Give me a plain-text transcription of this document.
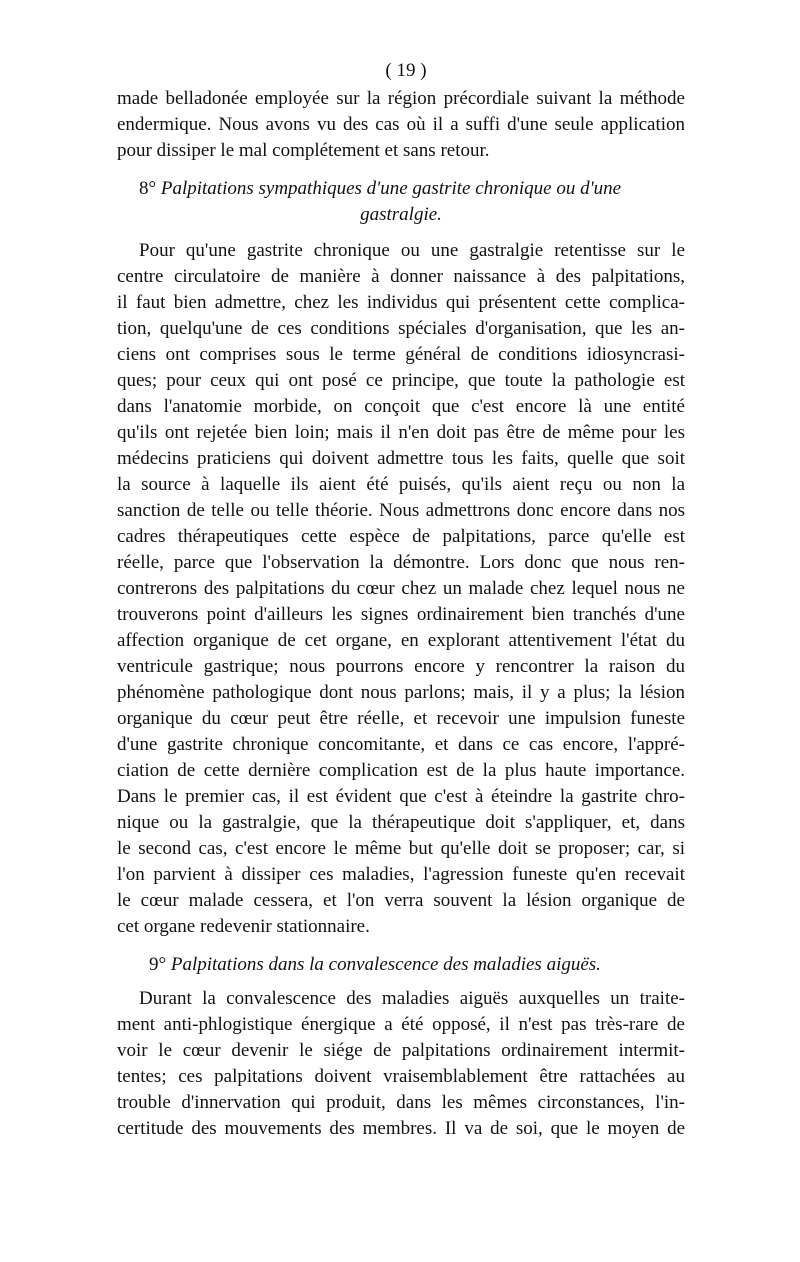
( 19 )
made belladonée employée sur la région précordiale suivant la méthode
endermique. Nous avons vu des cas où il a suffi d'une seule application
pour dissiper le mal complétement et sans retour.
8° Palpitations sympathiques d'une gastrite chronique ou d'une
gastralgie.
Pour qu'une gastrite chronique ou une gastralgie retentisse sur le
centre circulatoire de manière à donner naissance à des palpitations,
il faut bien admettre, chez les individus qui présentent cette complica-
tion, quelqu'une de ces conditions spéciales d'organisation, que les an-
ciens ont comprises sous le terme général de conditions idiosyncrasi-
ques; pour ceux qui ont posé ce principe, que toute la pathologie est
dans l'anatomie morbide, on conçoit que c'est encore là une entité
qu'ils ont rejetée bien loin; mais il n'en doit pas être de même pour les
médecins praticiens qui doivent admettre tous les faits, quelle que soit
la source à laquelle ils aient été puisés, qu'ils aient reçu ou non la
sanction de telle ou telle théorie. Nous admettrons donc encore dans nos
cadres thérapeutiques cette espèce de palpitations, parce qu'elle est
réelle, parce que l'observation la démontre. Lors donc que nous ren-
contrerons des palpitations du cœur chez un malade chez lequel nous ne
trouverons point d'ailleurs les signes ordinairement bien tranchés d'une
affection organique de cet organe, en explorant attentivement l'état du
ventricule gastrique; nous pourrons encore y rencontrer la raison du
phénomène pathologique dont nous parlons; mais, il y a plus; la lésion
organique du cœur peut être réelle, et recevoir une impulsion funeste
d'une gastrite chronique concomitante, et dans ce cas encore, l'appré-
ciation de cette dernière complication est de la plus haute importance.
Dans le premier cas, il est évident que c'est à éteindre la gastrite chro-
nique ou la gastralgie, que la thérapeutique doit s'appliquer, et, dans
le second cas, c'est encore le même but qu'elle doit se proposer; car, si
l'on parvient à dissiper ces maladies, l'agression funeste qu'en recevait
le cœur malade cessera, et l'on verra souvent la lésion organique de
cet organe redevenir stationnaire.
9° Palpitations dans la convalescence des maladies aiguës.
Durant la convalescence des maladies aiguës auxquelles un traite-
ment anti-phlogistique énergique a été opposé, il n'est pas très-rare de
voir le cœur devenir le siége de palpitations ordinairement intermit-
tentes; ces palpitations doivent vraisemblablement être rattachées au
trouble d'innervation qui produit, dans les mêmes circonstances, l'in-
certitude des mouvements des membres. Il va de soi, que le moyen de
